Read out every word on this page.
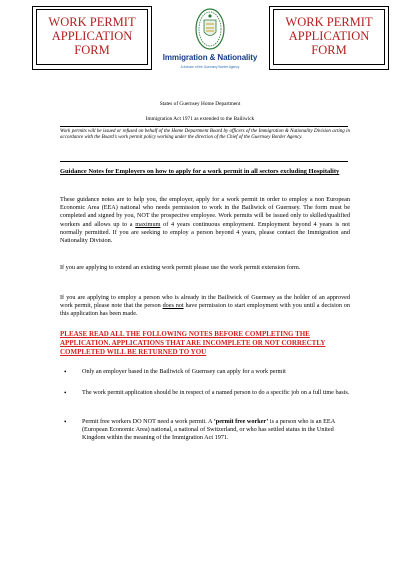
WORK PERMIT
APPLICATION
FORM
Immigration & Nationality
A division of the Guernsey Border Agency
WORK PERMIT
APPLICATION
FORM
States of Guernsey Home Department
Immigration Act 1971 as extended to the Bailiwick
Work permits will be issued or refused on behalf of the Home Department Board by officers of the Immigration & Nationality Division acting in accordance with the Board’s work permit policy working under the direction of the Chief of the Guernsey Border Agency.
Guidance Notes for Employers on how to apply for a work permit in all sectors excluding Hospitality
These guidance notes are to help you, the employer, apply for a work permit in order to employ a non European Economic Area (EEA) national who needs permission to work in the Bailiwick of Guernsey. The form must be completed and signed by you, NOT the prospective employee. Work permits will be issued only to skilled/qualified workers and allows up to a maximum of 4 years continuous employment. Employment beyond 4 years is not normally permitted. If you are seeking to employ a person beyond 4 years, please contact the Immigration and Nationality Division.
If you are applying to extend an existing work permit please use the work permit extension form.
If you are applying to employ a person who is already in the Bailiwick of Guernsey as the holder of an approved work permit, please note that the person does not have permission to start employment with you until a decision on this application has been made.
PLEASE READ ALL THE FOLLOWING NOTES BEFORE COMPLETING THE APPLICATION. APPLICATIONS THAT ARE INCOMPLETE OR NOT CORRECTLY COMPLETED WILL BE RETURNED TO YOU
•	Only an employer based in the Bailiwick of Guernsey can apply for a work permit
•	The work permit application should be in respect of a named person to do a specific job on a full time basis.
•	Permit free workers DO NOT need a work permit. A ‘permit free worker’ is a person who is an EEA (European Economic Area) national, a national of Switzerland, or who has settled status in the United Kingdom within the meaning of the Immigration Act 1971.
